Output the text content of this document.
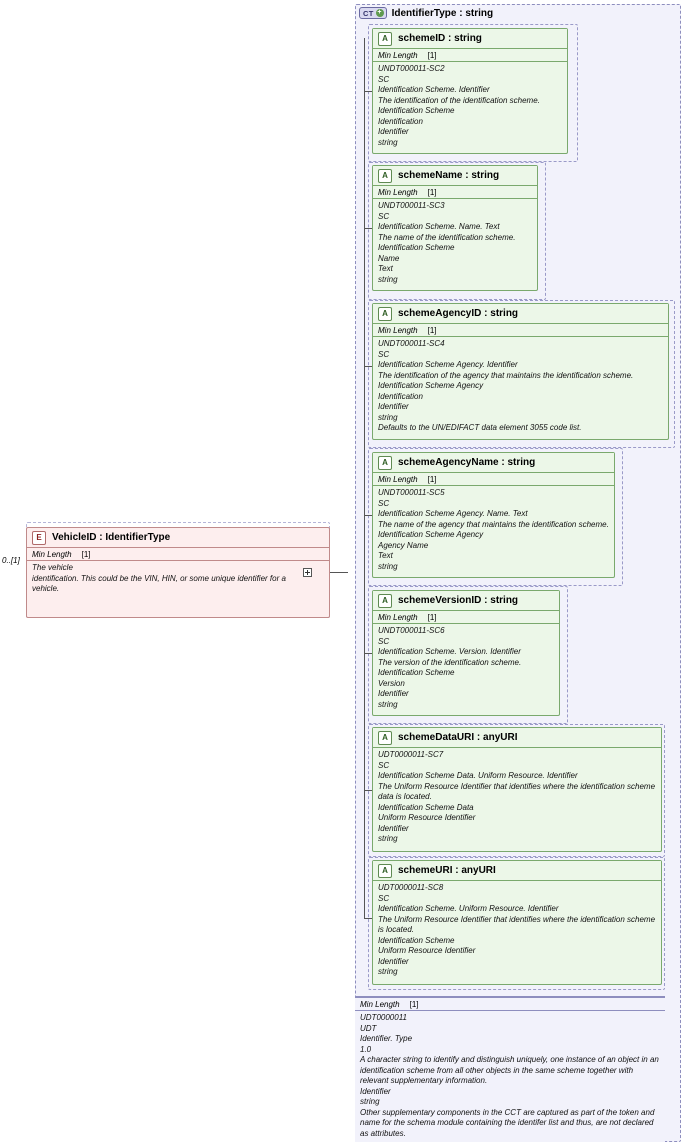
CT + IdentifierType : string
0..[1]
E	VehicleID : IdentifierType
Min Length [1]
The vehicle
identification. This could be the VIN, HIN, or some unique identifier for a
vehicle.
A	schemeID : string
Min Length [1]
UNDT000011-SC2
SC
Identification Scheme. Identifier
The identification of the identification scheme.
Identification Scheme
Identification
Identifier
string
A	schemeName : string
Min Length [1]
UNDT000011-SC3
SC
Identification Scheme. Name. Text
The name of the identification scheme.
Identification Scheme
Name
Text
string
A	schemeAgencyID : string
Min Length [1]
UNDT000011-SC4
SC
Identification Scheme Agency. Identifier
The identification of the agency that maintains the identification scheme.
Identification Scheme Agency
Identification
Identifier
string
Defaults to the UN/EDIFACT data element 3055 code list.
A	schemeAgencyName : string
Min Length [1]
UNDT000011-SC5
SC
Identification Scheme Agency. Name. Text
The name of the agency that maintains the identification scheme.
Identification Scheme Agency
Agency Name
Text
string
A	schemeVersionID : string
Min Length [1]
UNDT000011-SC6
SC
Identification Scheme. Version. Identifier
The version of the identification scheme.
Identification Scheme
Version
Identifier
string
A	schemeDataURI : anyURI
UDT0000011-SC7
SC
Identification Scheme Data. Uniform Resource. Identifier
The Uniform Resource Identifier that identifies where the identification scheme data is located.
Identification Scheme Data
Uniform Resource Identifier
Identifier
string
A	schemeURI : anyURI
UDT0000011-SC8
SC
Identification Scheme. Uniform Resource. Identifier
The Uniform Resource Identifier that identifies where the identification scheme is located.
Identification Scheme
Uniform Resource Identifier
Identifier
string
Min Length [1]
UDT0000011
UDT
Identifier. Type
1.0
A character string to identify and distinguish uniquely, one instance of an object in an identification scheme from all other objects in the same scheme together with relevant supplementary information.
Identifier
string
Other supplementary components in the CCT are captured as part of the token and name for the schema module containing the identifer list and thus, are not declared as attributes.
